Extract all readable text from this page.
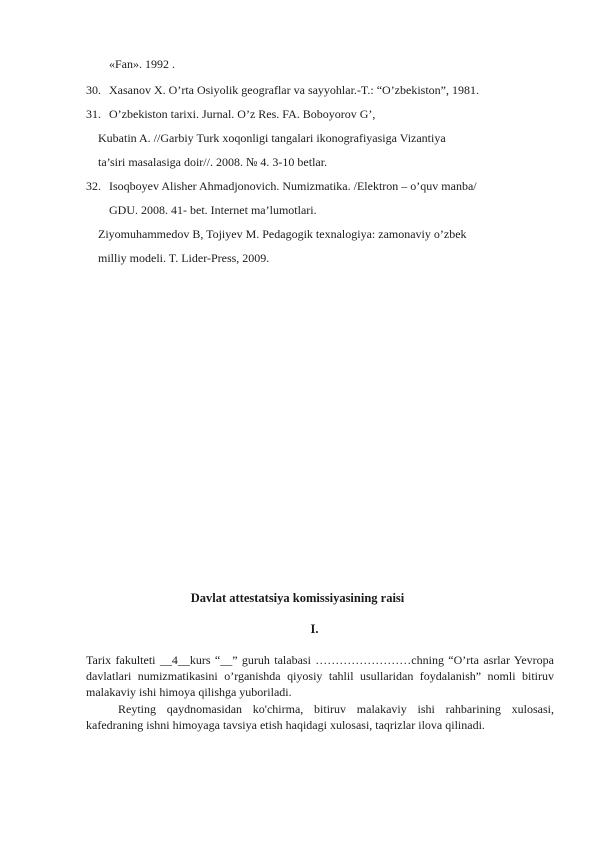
«Fan». 1992 .
30. Xasanov X. O’rta Osiyolik geograflar va sayyohlar.-T.: “O’zbekiston”, 1981.
31. O’zbekiston tarixi. Jurnal. O’z Res. FA. Boboyorov G’,
Kubatin A. //Garbiy Turk xoqonligi tangalari ikonografiyasiga Vizantiya
ta’siri masalasiga doir//. 2008. № 4. 3-10 betlar.
32. Isoqboyev Alisher Ahmadjonovich. Numizmatika. /Elektron – o’quv manba/
GDU. 2008. 41- bet. Internet ma’lumotlari.
Ziyomuhammedov B, Tojiyev M. Pedagogik texnalogiya: zamonaviy o’zbek
milliy modeli. T. Lider-Press, 2009.
Davlat attestatsiya komissiyasining raisi
I.
Tarix fakulteti __4__kurs “__” guruh talabasi ……………………chning “O’rta asrlar Yevropa davlatlari numizmatikasini o’rganishda qiyosiy tahlil usullaridan foydalanish” nomli bitiruv malakaviy ishi himoya qilishga yuboriladi.
Reyting qaydnomasidan ko'chirma, bitiruv malakaviy ishi rahbarining xulosasi, kafedraning ishni himoyaga tavsiya etish haqidagi xulosasi, taqrizlar ilova qilinadi.
